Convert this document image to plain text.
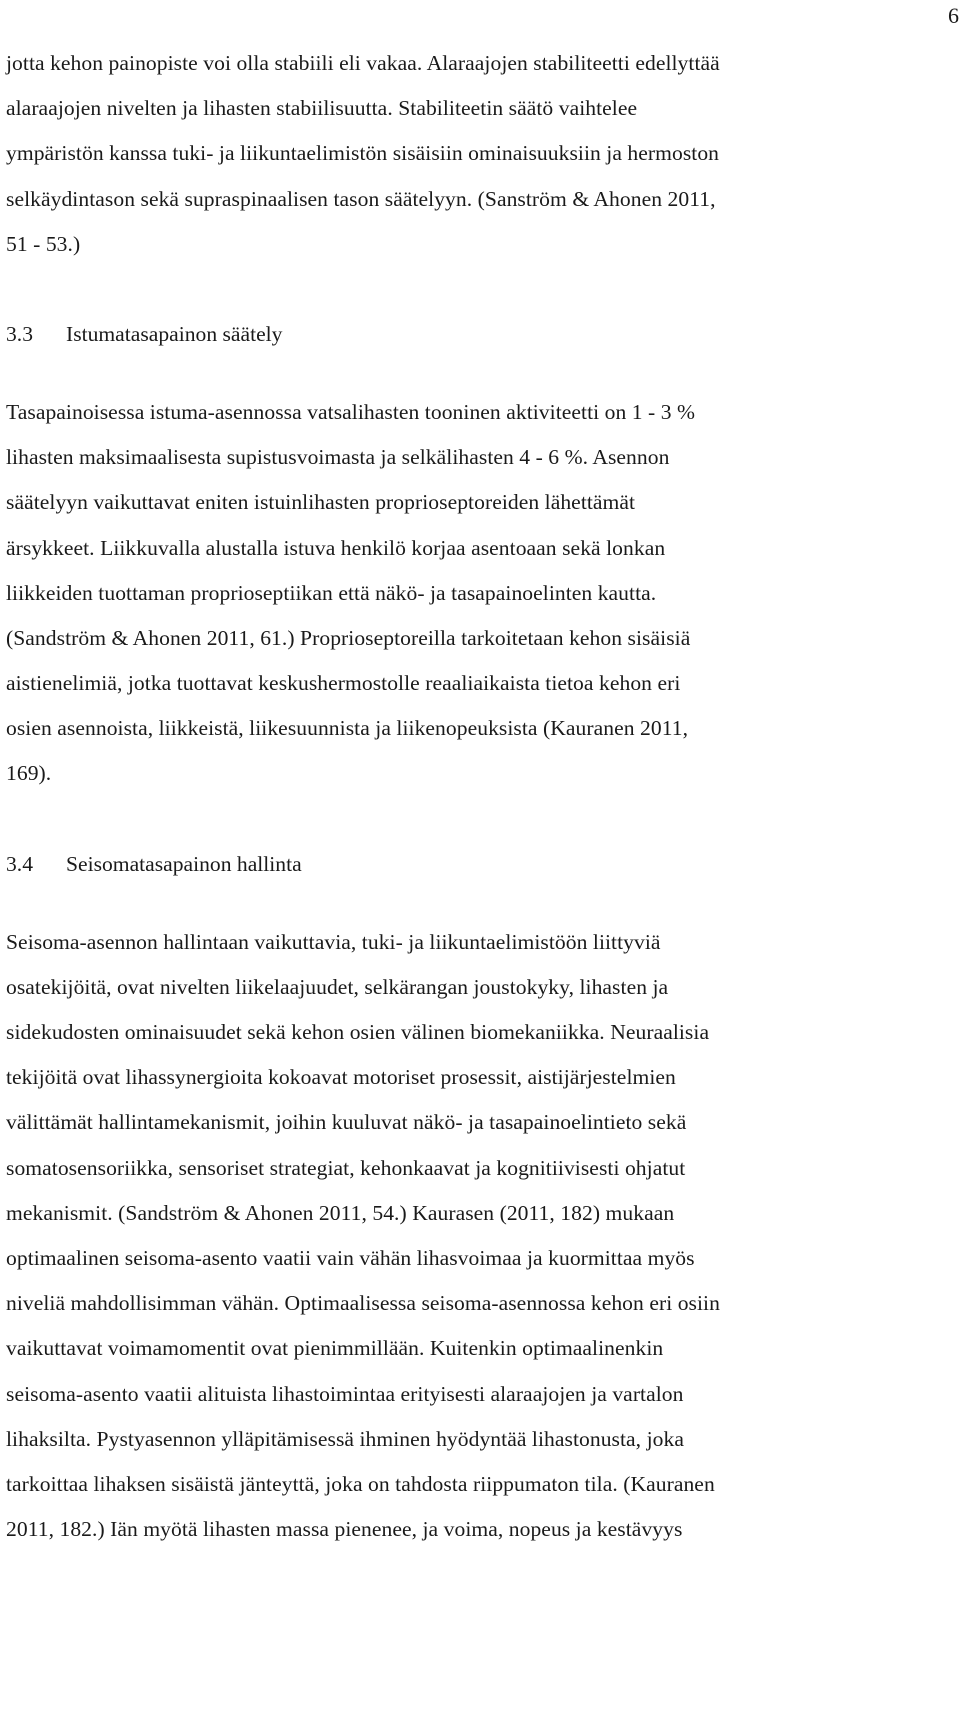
6
jotta kehon painopiste voi olla stabiili eli vakaa. Alaraajojen stabiliteetti edellyttää
alaraajojen nivelten ja lihasten stabiilisuutta. Stabiliteetin säätö vaihtelee
ympäristön kanssa tuki- ja liikuntaelimistön sisäisiin ominaisuuksiin ja hermoston
selkäydintason sekä supraspinaalisen tason säätelyyn. (Sanström & Ahonen 2011,
51 - 53.)
3.3 Istumatasapainon säätely
Tasapainoisessa istuma-asennossa vatsalihasten tooninen aktiviteetti on 1 - 3 %
lihasten maksimaalisesta supistusvoimasta ja selkälihasten 4 - 6 %. Asennon
säätelyyn vaikuttavat eniten istuinlihasten proprioseptoreiden lähettämät
ärsykkeet. Liikkuvalla alustalla istuva henkilö korjaa asentoaan sekä lonkan
liikkeiden tuottaman proprioseptiikan että näkö- ja tasapainoelinten kautta.
(Sandström & Ahonen 2011, 61.) Proprioseptoreilla tarkoitetaan kehon sisäisiä
aistienelimiä, jotka tuottavat keskushermostolle reaaliaikaista tietoa kehon eri
osien asennoista, liikkeistä, liikesuunnista ja liikenopeuksista (Kauranen 2011,
169).
3.4 Seisomatasapainon hallinta
Seisoma-asennon hallintaan vaikuttavia, tuki- ja liikuntaelimistöön liittyviä
osatekijöitä, ovat nivelten liikelaajuudet, selkärangan joustokyky, lihasten ja
sidekudosten ominaisuudet sekä kehon osien välinen biomekaniikka. Neuraalisia
tekijöitä ovat lihassynergioita kokoavat motoriset prosessit, aistijärjestelmien
välittämät hallintamekanismit, joihin kuuluvat näkö- ja tasapainoelintieto sekä
somatosensoriikka, sensoriset strategiat, kehonkaavat ja kognitiivisesti ohjatut
mekanismit. (Sandström & Ahonen 2011, 54.) Kaurasen (2011, 182) mukaan
optimaalinen seisoma-asento vaatii vain vähän lihasvoimaa ja kuormittaa myös
niveliä mahdollisimman vähän. Optimaalisessa seisoma-asennossa kehon eri osiin
vaikuttavat voimamomentit ovat pienimmillään. Kuitenkin optimaalinenkin
seisoma-asento vaatii alituista lihastoimintaa erityisesti alaraajojen ja vartalon
lihaksilta. Pystyasennon ylläpitämisessä ihminen hyödyntää lihastonusta, joka
tarkoittaa lihaksen sisäistä jänteyttä, joka on tahdosta riippumaton tila. (Kauranen
2011, 182.) Iän myötä lihasten massa pienenee, ja voima, nopeus ja kestävyys
